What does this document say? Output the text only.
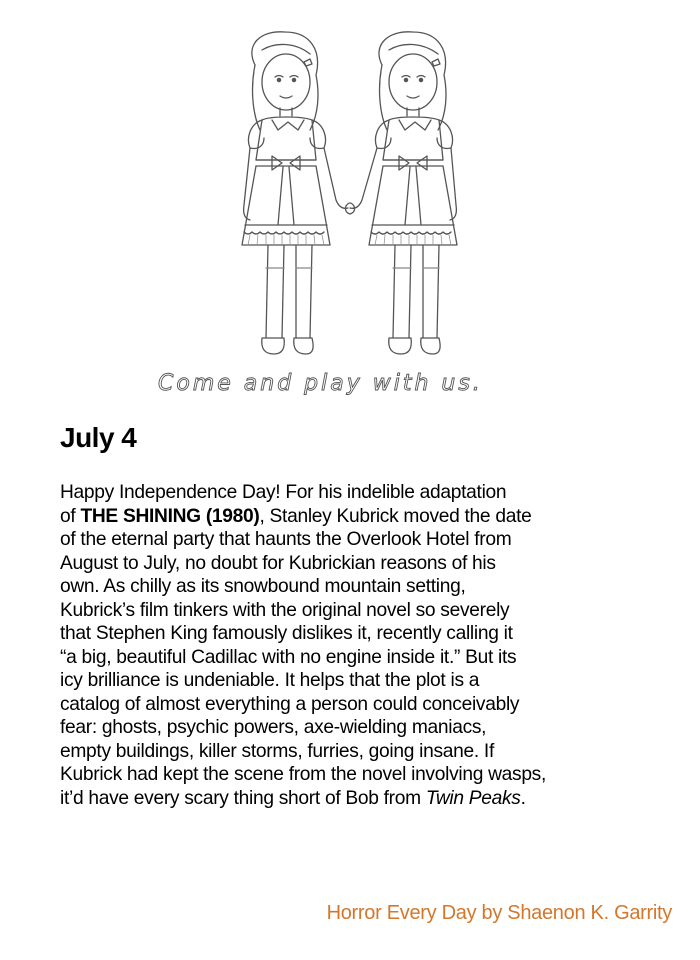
Come and play with us.
July 4

Happy Independence Day! For his indelible adaptation
of THE SHINING (1980), Stanley Kubrick moved the date
of the eternal party that haunts the Overlook Hotel from
August to July, no doubt for Kubrickian reasons of his
own. As chilly as its snowbound mountain setting,
Kubrick’s film tinkers with the original novel so severely
that Stephen King famously dislikes it, recently calling it
“a big, beautiful Cadillac with no engine inside it.” But its
icy brilliance is undeniable. It helps that the plot is a
catalog of almost everything a person could conceivably
fear: ghosts, psychic powers, axe-wielding maniacs,
empty buildings, killer storms, furries, going insane. If
Kubrick had kept the scene from the novel involving wasps,
it’d have every scary thing short of Bob from Twin Peaks.

Horror Every Day by Shaenon K. Garrity
